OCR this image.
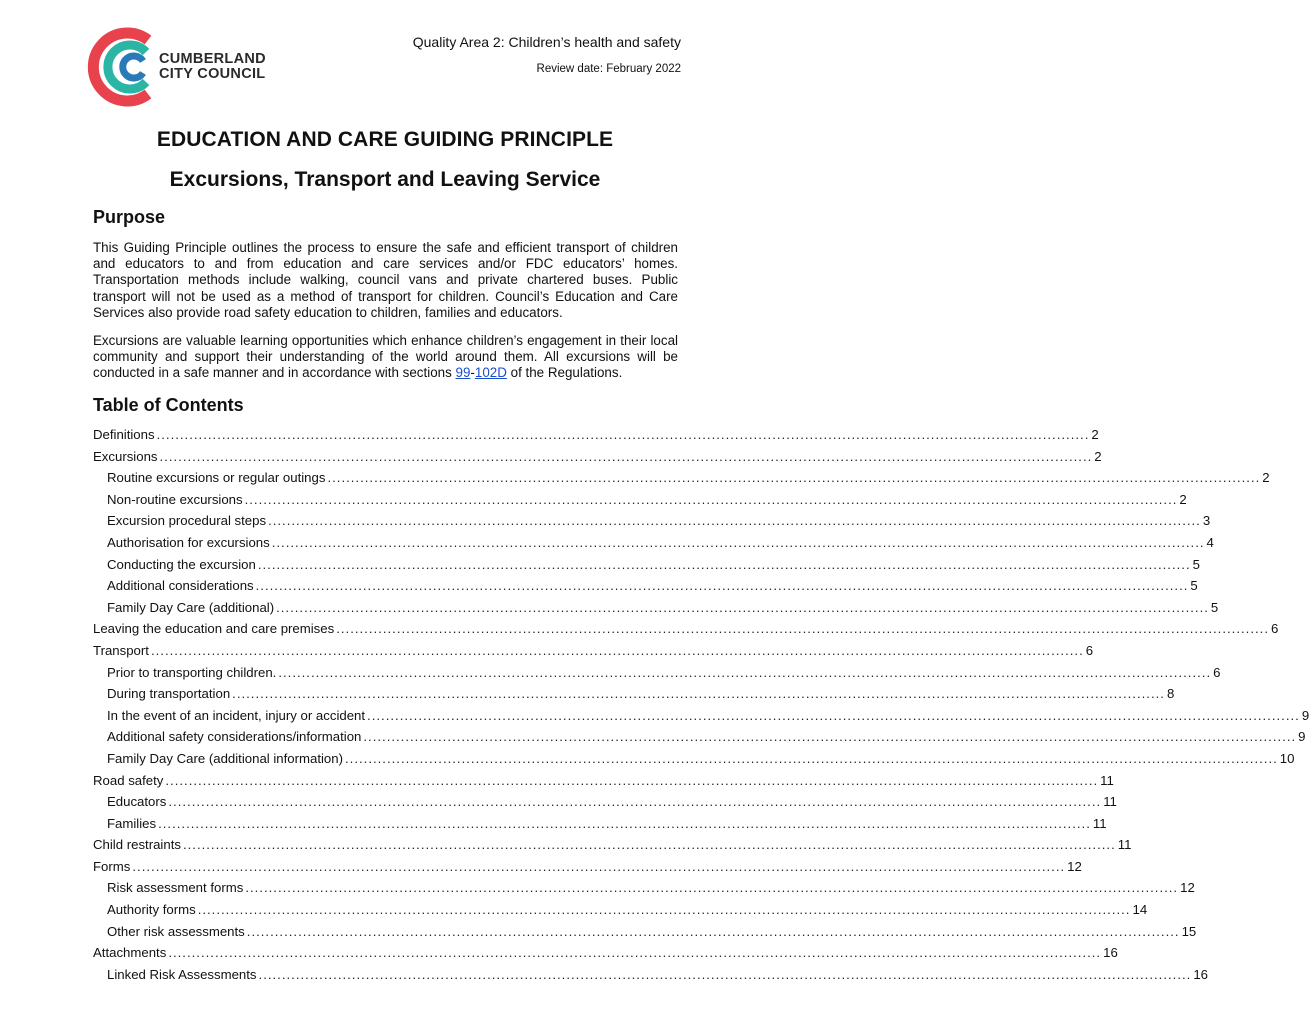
CUMBERLAND
CITY COUNCIL
Quality Area 2: Children’s health and safety
Review date: February 2022
EDUCATION AND CARE GUIDING PRINCIPLE
Excursions, Transport and Leaving Service
Purpose

This Guiding Principle outlines the process to ensure the safe and efficient transport of children and educators to and from education and care services and/or FDC educators’ homes. Transportation methods include walking, council vans and private chartered buses. Public transport will not be used as a method of transport for children. Council’s Education and Care Services also provide road safety education to children, families and educators.

Excursions are valuable learning opportunities which enhance children’s engagement in their local community and support their understanding of the world around them. All excursions will be conducted in a safe manner and in accordance with sections 99-102D of the Regulations.

Table of Contents
Definitions ........................................................................................................................................................................................................ 2
Excursions ........................................................................................................................................................................................................ 2
Routine excursions or regular outings ........................................................................................................................................................................................................ 2
Non-routine excursions ........................................................................................................................................................................................................ 2
Excursion procedural steps ........................................................................................................................................................................................................ 3
Authorisation for excursions ........................................................................................................................................................................................................ 4
Conducting the excursion ........................................................................................................................................................................................................ 5
Additional considerations ........................................................................................................................................................................................................ 5
Family Day Care (additional) ........................................................................................................................................................................................................ 5
Leaving the education and care premises ........................................................................................................................................................................................................ 6
Transport ........................................................................................................................................................................................................ 6
Prior to transporting children. ........................................................................................................................................................................................................ 6
During transportation ........................................................................................................................................................................................................ 8
In the event of an incident, injury or accident ........................................................................................................................................................................................................ 9
Additional safety considerations/information ........................................................................................................................................................................................................ 9
Family Day Care (additional information) ........................................................................................................................................................................................................ 10
Road safety ........................................................................................................................................................................................................ 11
Educators ........................................................................................................................................................................................................ 11
Families ........................................................................................................................................................................................................ 11
Child restraints ........................................................................................................................................................................................................ 11
Forms ........................................................................................................................................................................................................ 12
Risk assessment forms ........................................................................................................................................................................................................ 12
Authority forms ........................................................................................................................................................................................................ 14
Other risk assessments ........................................................................................................................................................................................................ 15
Attachments ........................................................................................................................................................................................................ 16
Linked Risk Assessments ........................................................................................................................................................................................................ 16
